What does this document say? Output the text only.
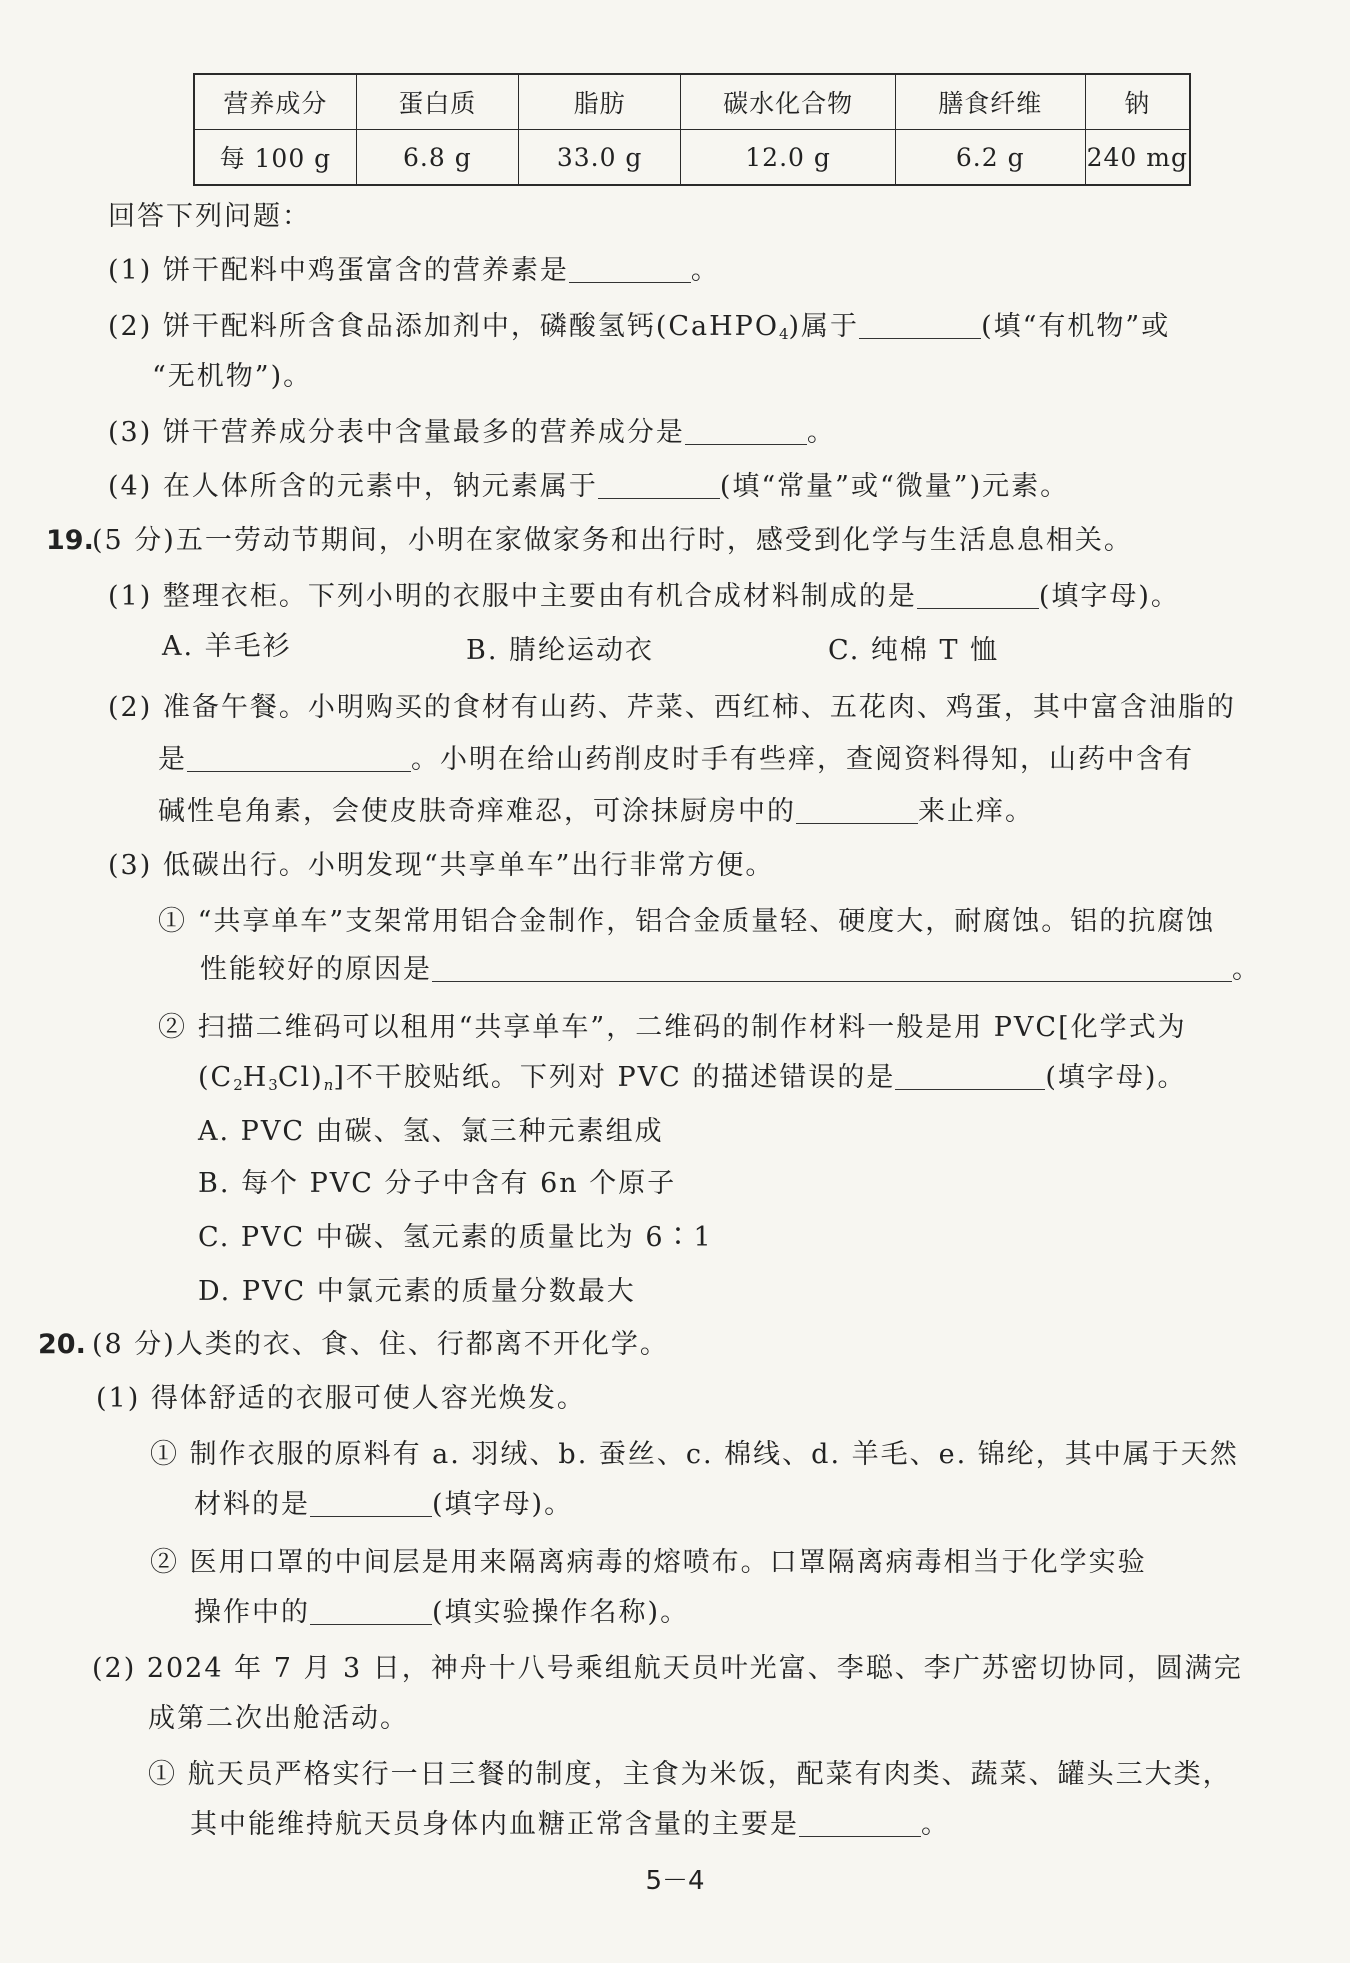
营养成分	蛋白质	脂肪	碳水化合物	膳食纤维	钠
每 100 g	6.8 g	33.0 g	12.0 g	6.2 g	240 mg
回答下列问题：
(1) 饼干配料中鸡蛋富含的营养素是	。
(2) 饼干配料所含食品添加剂中，磷酸氢钙(CaHPO$_4$)属于	(填“有机物”或
“无机物”)。
(3) 饼干营养成分表中含量最多的营养成分是	。
(4) 在人体所含的元素中，钠元素属于	(填“常量”或“微量”)元素。
19.
(5 分)五一劳动节期间，小明在家做家务和出行时，感受到化学与生活息息相关。
(1) 整理衣柜。下列小明的衣服中主要由有机合成材料制成的是	(填字母)。
A. 羊毛衫	B. 腈纶运动衣	C. 纯棉 T 恤
(2) 准备午餐。小明购买的食材有山药、芹菜、西红柿、五花肉、鸡蛋，其中富含油脂的
是	。小明在给山药削皮时手有些痒，查阅资料得知，山药中含有
碱性皂角素，会使皮肤奇痒难忍，可涂抹厨房中的	来止痒。
(3) 低碳出行。小明发现“共享单车”出行非常方便。
① “共享单车”支架常用铝合金制作，铝合金质量轻、硬度大，耐腐蚀。铝的抗腐蚀
性能较好的原因是	。
② 扫描二维码可以租用“共享单车”，二维码的制作材料一般是用 PVC[化学式为
$(C_2H_3Cl)_n$]不干胶贴纸。下列对 PVC 的描述错误的是	(填字母)。
A. PVC 由碳、氢、氯三种元素组成
B. 每个 PVC 分子中含有 6n 个原子
C. PVC 中碳、氢元素的质量比为 6∶1
D. PVC 中氯元素的质量分数最大
20. (8 分)人类的衣、食、住、行都离不开化学。
(1) 得体舒适的衣服可使人容光焕发。
① 制作衣服的原料有 a. 羽绒、b. 蚕丝、c. 棉线、d. 羊毛、e. 锦纶，其中属于天然
材料的是	(填字母)。
② 医用口罩的中间层是用来隔离病毒的熔喷布。口罩隔离病毒相当于化学实验
操作中的	(填实验操作名称)。
(2) 2024 年 7 月 3 日，神舟十八号乘组航天员叶光富、李聪、李广苏密切协同，圆满完
成第二次出舱活动。
① 航天员严格实行一日三餐的制度，主食为米饭，配菜有肉类、蔬菜、罐头三大类，
其中能维持航天员身体内血糖正常含量的主要是	。
5－4
